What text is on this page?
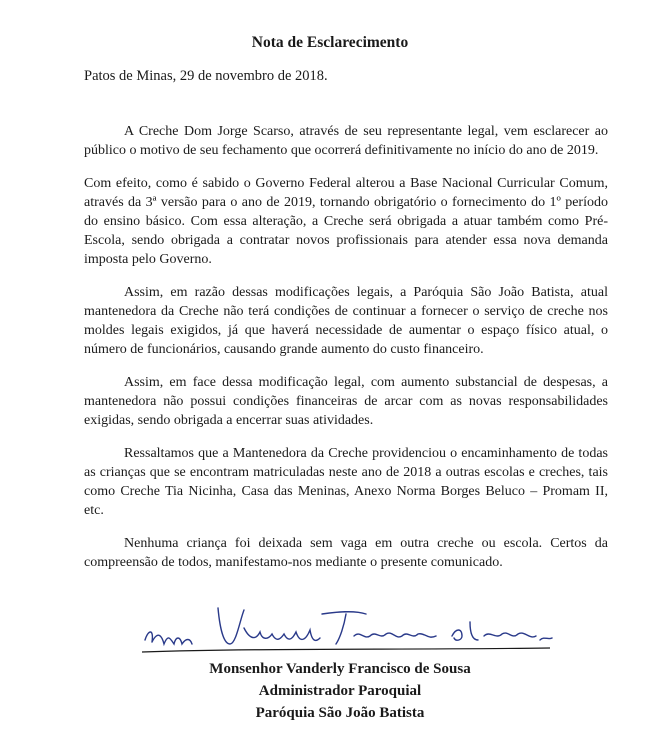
Nota de Esclarecimento
Patos de Minas, 29 de novembro de 2018.

A Creche Dom Jorge Scarso, através de seu representante legal, vem esclarecer ao público o motivo de seu fechamento que ocorrerá definitivamente no início do ano de 2019.

Com efeito, como é sabido o Governo Federal alterou a Base Nacional Curricular Comum, através da 3ª versão para o ano de 2019, tornando obrigatório o fornecimento do 1º período do ensino básico. Com essa alteração, a Creche será obrigada a atuar também como Pré-Escola, sendo obrigada a contratar novos profissionais para atender essa nova demanda imposta pelo Governo.

Assim, em razão dessas modificações legais, a Paróquia São João Batista, atual mantenedora da Creche não terá condições de continuar a fornecer o serviço de creche nos moldes legais exigidos, já que haverá necessidade de aumentar o espaço físico atual, o número de funcionários, causando grande aumento do custo financeiro.

Assim, em face dessa modificação legal, com aumento substancial de despesas, a mantenedora não possui condições financeiras de arcar com as novas responsabilidades exigidas, sendo obrigada a encerrar suas atividades.

Ressaltamos que a Mantenedora da Creche providenciou o encaminhamento de todas as crianças que se encontram matriculadas neste ano de 2018 a outras escolas e creches, tais como Creche Tia Nicinha, Casa das Meninas, Anexo Norma Borges Beluco – Promam II, etc.

Nenhuma criança foi deixada sem vaga em outra creche ou escola. Certos da compreensão de todos, manifestamo-nos mediante o presente comunicado.

Monsenhor Vanderly Francisco de Sousa
Administrador Paroquial
Paróquia São João Batista
